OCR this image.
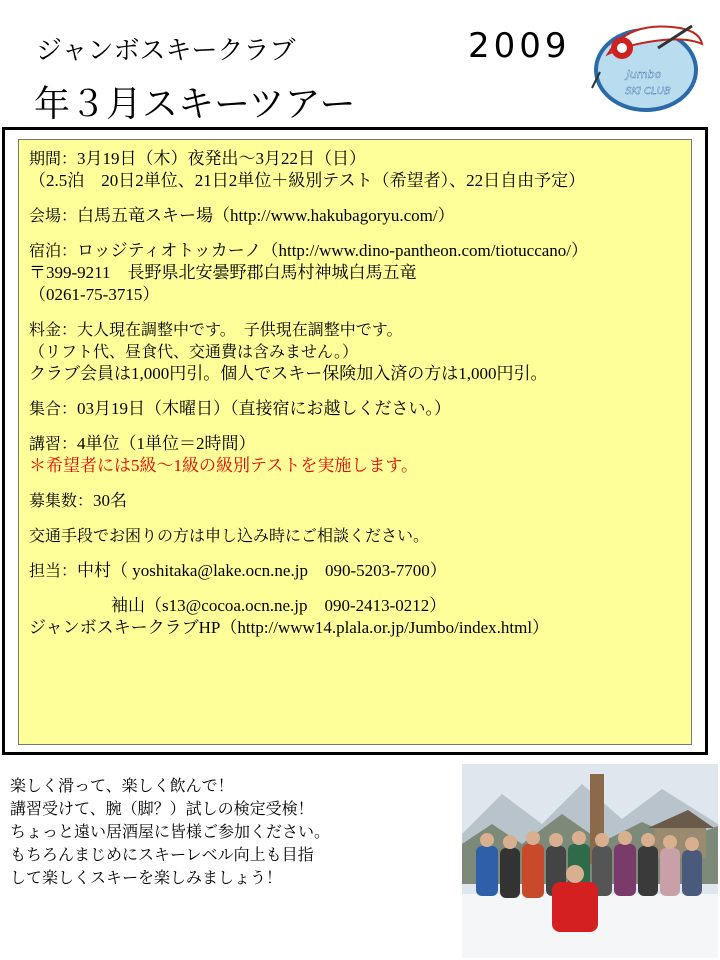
ジャンボスキークラブ	2009
年３月スキーツアー
Jumbo
SKI CLUB
期間：3月19日（木）夜発出～3月22日（日）
（2.5泊　20日2単位、21日2単位＋級別テスト（希望者）、22日自由予定）
会場：白馬五竜スキー場（http://www.hakubagoryu.com/）
宿泊：ロッジティオトッカーノ（http://www.dino-pantheon.com/tiotuccano/）
〒399-9211　長野県北安曇野郡白馬村神城白馬五竜
（0261-75-3715）
料金：大人現在調整中です。　子供現在調整中です。
（リフト代、昼食代、交通費は含みません。）
クラブ会員は1,000円引。個人でスキー保険加入済の方は1,000円引。
集合：03月19日（木曜日）（直接宿にお越しください。）
講習：4単位（1単位＝2時間）
＊希望者には5級～1級の級別テストを実施します。
募集数：30名
交通手段でお困りの方は申し込み時にご相談ください。
担当：中村（ yoshitaka@lake.ocn.ne.jp　090-5203-7700）
袖山（s13@cocoa.ocn.ne.jp　090-2413-0212）
ジャンボスキークラブHP（http://www14.plala.or.jp/Jumbo/index.html）
楽しく滑って、楽しく飲んで！
講習受けて、腕（脚？）試しの検定受検！
ちょっと遠い居酒屋に皆様ご参加ください。
もちろんまじめにスキーレベル向上も目指
して楽しくスキーを楽しみましょう！
